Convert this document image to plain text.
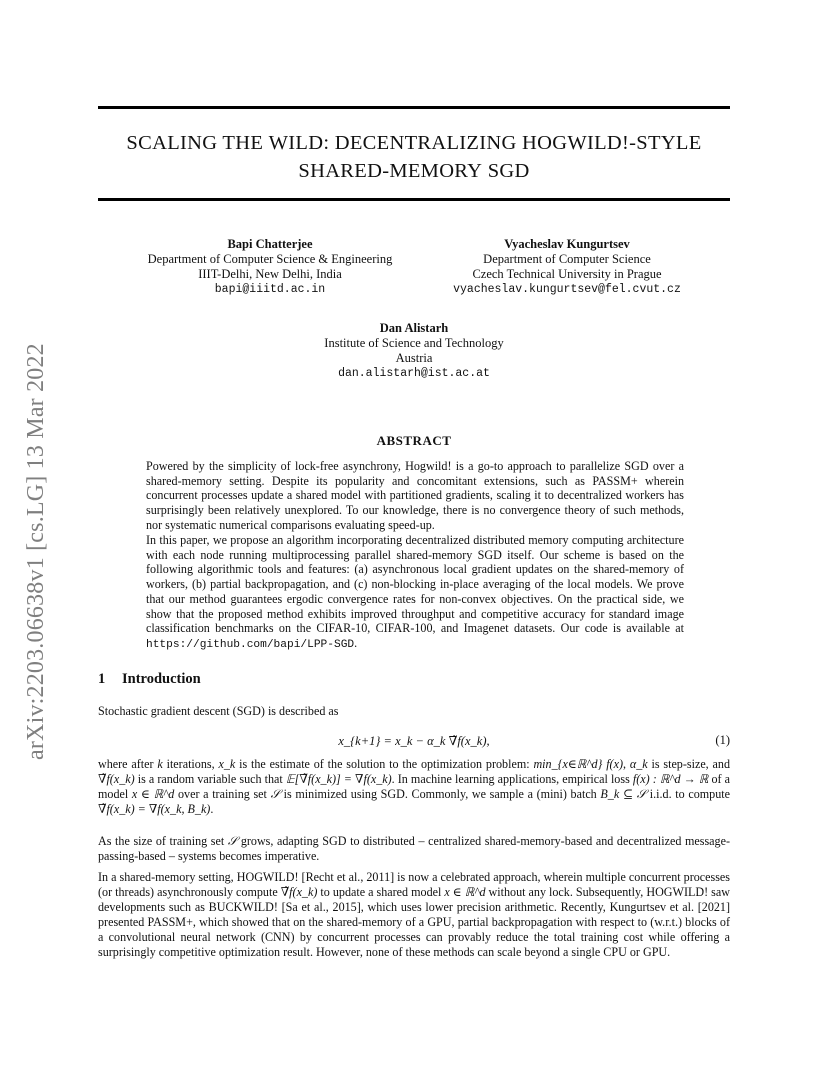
arXiv:2203.06638v1 [cs.LG] 13 Mar 2022
SCALING THE WILD: DECENTRALIZING HOGWILD!-STYLE
SHARED-MEMORY SGD
Bapi Chatterjee
Department of Computer Science & Engineering
IIIT-Delhi, New Delhi, India
bapi@iiitd.ac.in
Vyacheslav Kungurtsev
Department of Computer Science
Czech Technical University in Prague
vyacheslav.kungurtsev@fel.cvut.cz
Dan Alistarh
Institute of Science and Technology
Austria
dan.alistarh@ist.ac.at
ABSTRACT

Powered by the simplicity of lock-free asynchrony, Hogwild! is a go-to approach to parallelize SGD over a shared-memory setting. Despite its popularity and concomitant extensions, such as PASSM+ wherein concurrent processes update a shared model with partitioned gradients, scaling it to decentralized workers has surprisingly been relatively unexplored. To our knowledge, there is no convergence theory of such methods, nor systematic numerical comparisons evaluating speed-up.

In this paper, we propose an algorithm incorporating decentralized distributed memory computing architecture with each node running multiprocessing parallel shared-memory SGD itself. Our scheme is based on the following algorithmic tools and features: (a) asynchronous local gradient updates on the shared-memory of workers, (b) partial backpropagation, and (c) non-blocking in-place averaging of the local models. We prove that our method guarantees ergodic convergence rates for non-convex objectives. On the practical side, we show that the proposed method exhibits improved throughput and competitive accuracy for standard image classification benchmarks on the CIFAR-10, CIFAR-100, and Imagenet datasets. Our code is available at https://github.com/bapi/LPP-SGD.

1 Introduction

Stochastic gradient descent (SGD) is described as

x_{k+1} = x_k − α_k ∇̃f(x_k),	(1)

where after k iterations, x_k is the estimate of the solution to the optimization problem: min_{x∈ℝ^d} f(x), α_k is step-size, and ∇̃f(x_k) is a random variable such that 𝔼[∇̃f(x_k)] = ∇f(x_k). In machine learning applications, empirical loss f(x) : ℝ^d → ℝ of a model x ∈ ℝ^d over a training set 𝒮 is minimized using SGD. Commonly, we sample a (mini) batch B_k ⊆ 𝒮 i.i.d. to compute ∇̃f(x_k) = ∇f(x_k, B_k).

As the size of training set 𝒮 grows, adapting SGD to distributed – centralized shared-memory-based and decentralized message-passing-based – systems becomes imperative.

In a shared-memory setting, HOGWILD! [Recht et al., 2011] is now a celebrated approach, wherein multiple concurrent processes (or threads) asynchronously compute ∇̃f(x_k) to update a shared model x ∈ ℝ^d without any lock. Subsequently, HOGWILD! saw developments such as BUCKWILD! [Sa et al., 2015], which uses lower precision arithmetic. Recently, Kungurtsev et al. [2021] presented PASSM+, which showed that on the shared-memory of a GPU, partial backpropagation with respect to (w.r.t.) blocks of a convolutional neural network (CNN) by concurrent processes can provably reduce the total training cost while offering a surprisingly competitive optimization result. However, none of these methods can scale beyond a single CPU or GPU.
